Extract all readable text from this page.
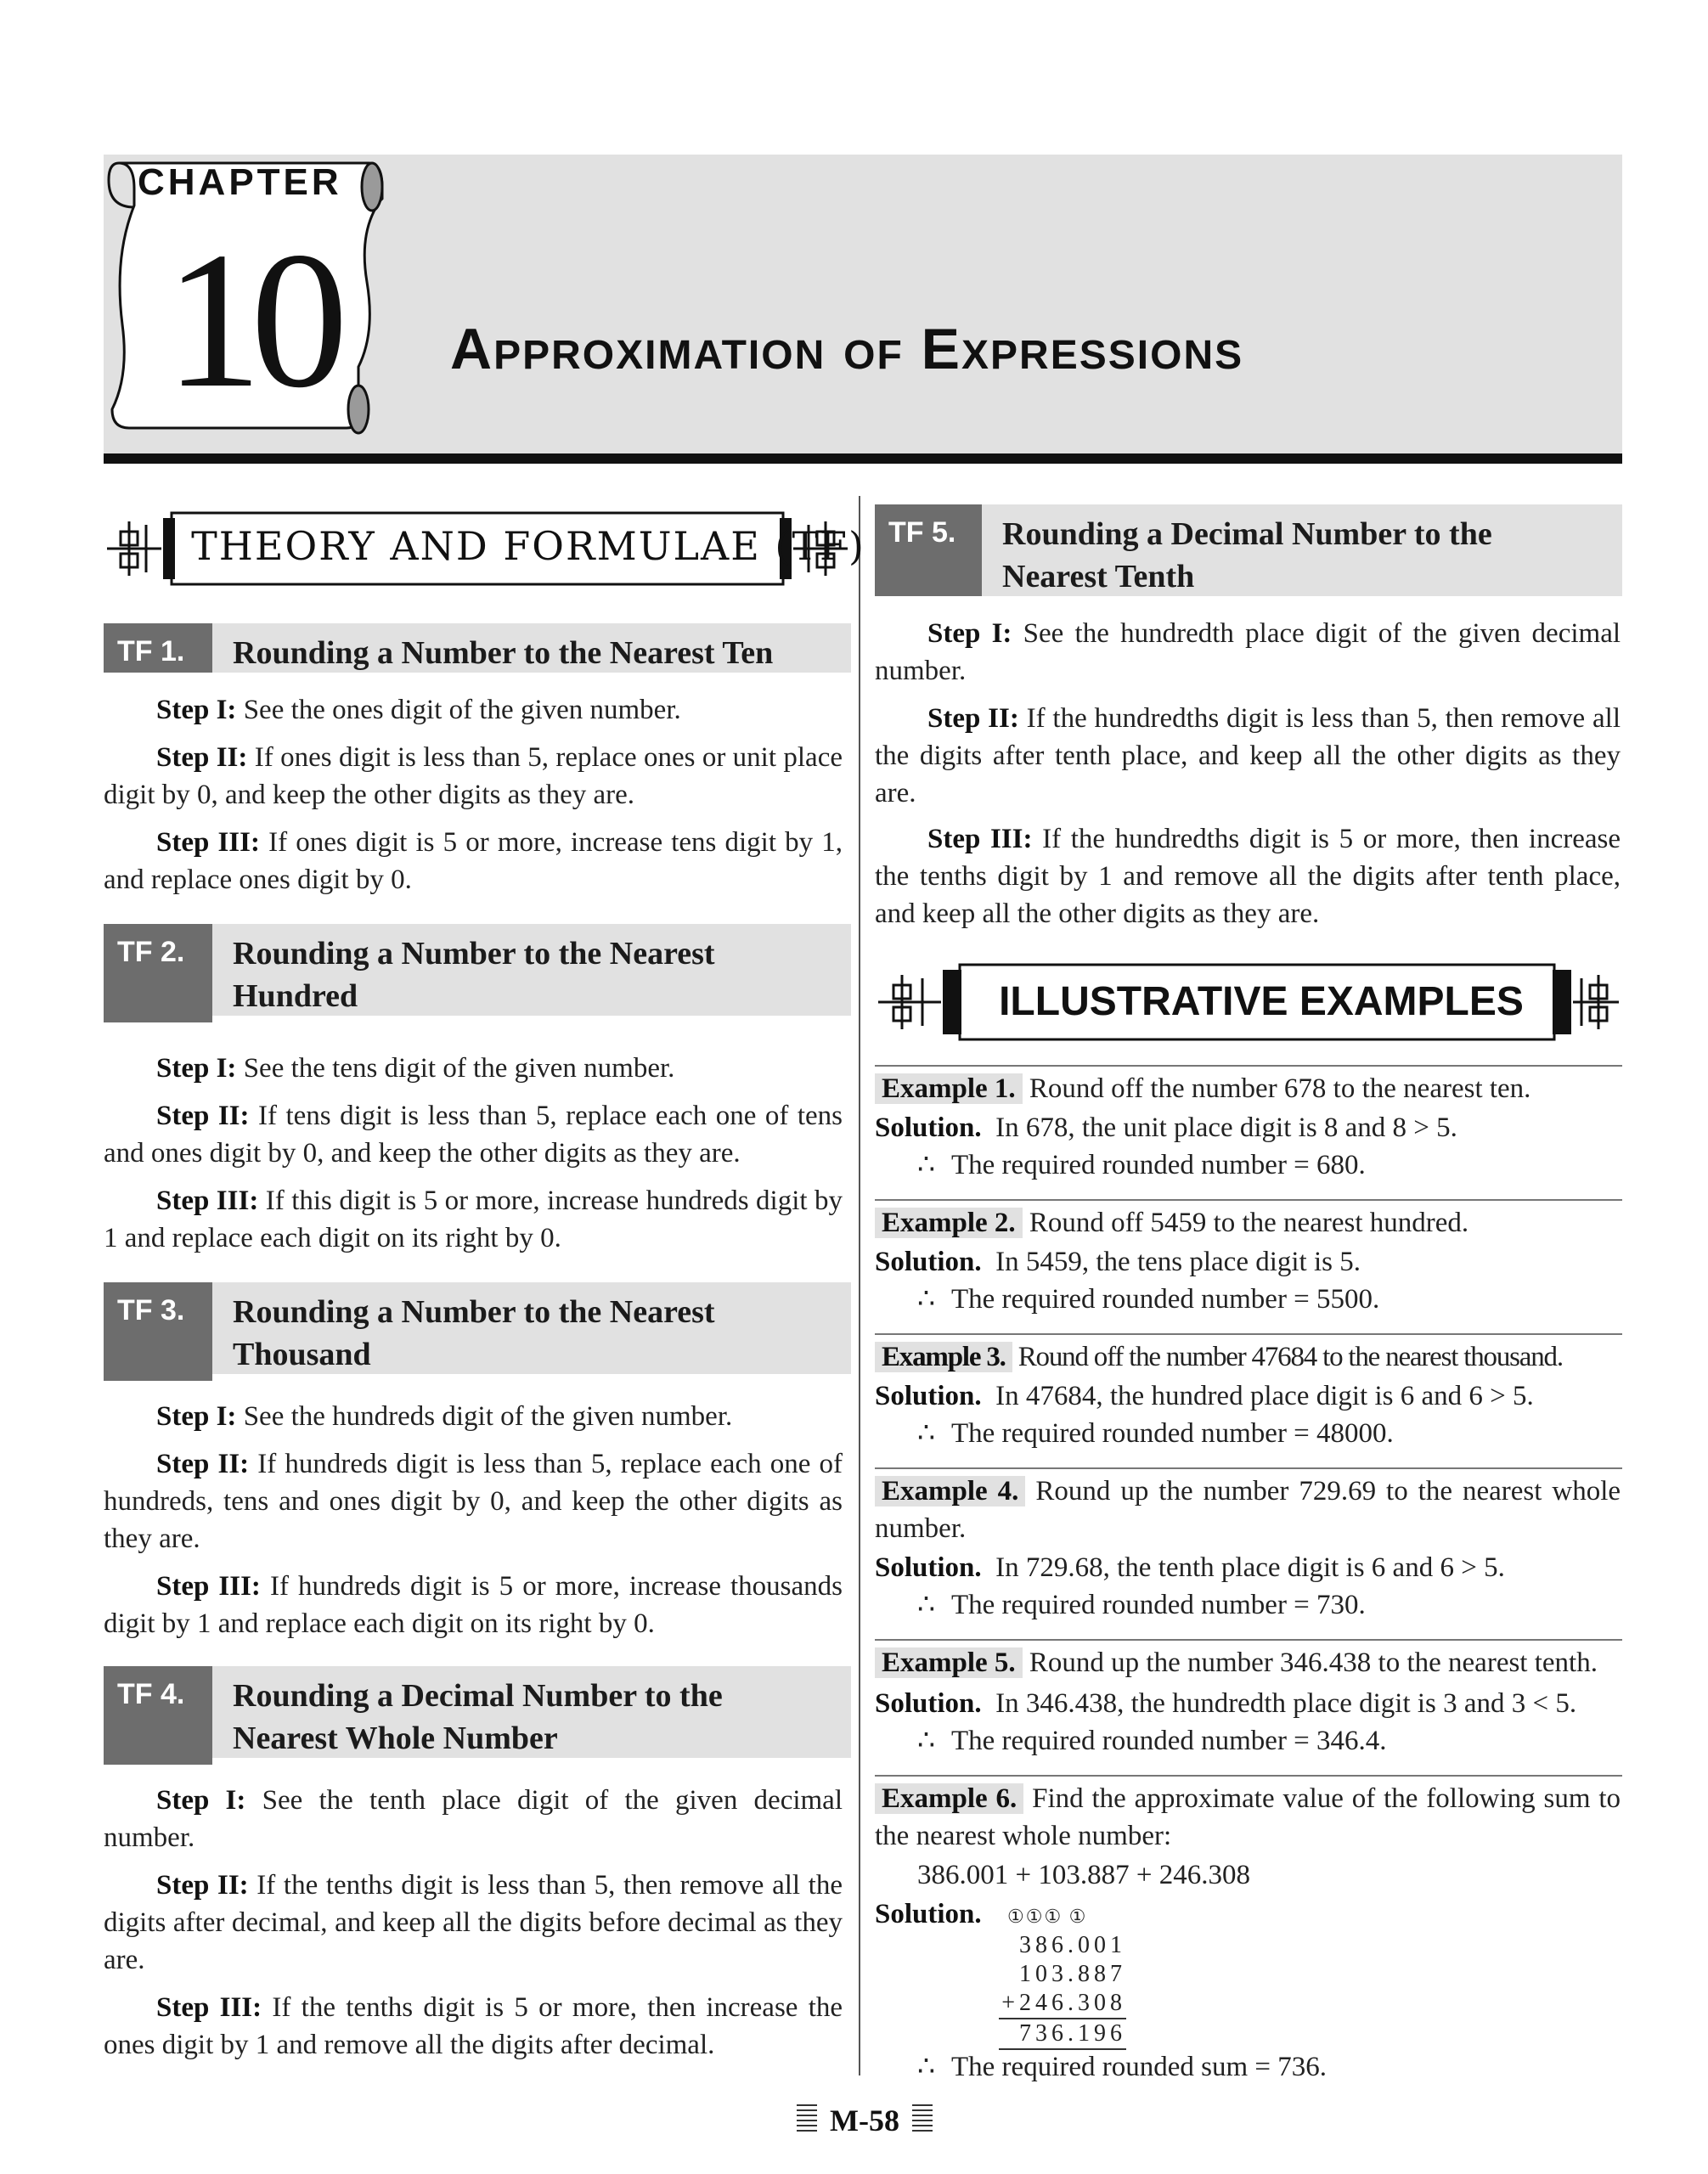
CHAPTER
10	Approximation of Expressions
THEORY AND FORMULAE (TF)
TF 1.	Rounding a Number to the Nearest Ten

Step I: See the ones digit of the given number.

Step II: If ones digit is less than 5, replace ones or unit place digit by 0, and keep the other digits as they are.

Step III: If ones digit is 5 or more, increase tens digit by 1, and replace ones digit by 0.

TF 2.	Rounding a Number to the Nearest
Hundred

Step I: See the tens digit of the given number.

Step II: If tens digit is less than 5, replace each one of tens and ones digit by 0, and keep the other digits as they are.

Step III: If this digit is 5 or more, increase hundreds digit by 1 and replace each digit on its right by 0.

TF 3.	Rounding a Number to the Nearest
Thousand

Step I: See the hundreds digit of the given number.

Step II: If hundreds digit is less than 5, replace each one of hundreds, tens and ones digit by 0, and keep the other digits as they are.

Step III: If hundreds digit is 5 or more, increase thousands digit by 1 and replace each digit on its right by 0.

TF 4.	Rounding a Decimal Number to the
Nearest Whole Number

Step I: See the tenth place digit of the given decimal number.

Step II: If the tenths digit is less than 5, then remove all the digits after decimal, and keep all the digits before decimal as they are.

Step III: If the tenths digit is 5 or more, then increase the ones digit by 1 and remove all the digits after decimal.

TF 5.	Rounding a Decimal Number to the
Nearest Tenth

Step I: See the hundredth place digit of the given decimal number.

Step II: If the hundredths digit is less than 5, then remove all the digits after tenth place, and keep all the other digits as they are.

Step III: If the hundredths digit is 5 or more, then increase the tenths digit by 1 and remove all the digits after tenth place, and keep all the other digits as they are.

ILLUSTRATIVE EXAMPLES
Example 1. Round off the number 678 to the nearest ten.
Solution. In 678, the unit place digit is 8 and 8 > 5.
∴ The required rounded number = 680.
Example 2. Round off 5459 to the nearest hundred.
Solution. In 5459, the tens place digit is 5.
∴ The required rounded number = 5500.
Example 3. Round off the number 47684 to the nearest thousand.
Solution. In 47684, the hundred place digit is 6 and 6 > 5.
∴ The required rounded number = 48000.

Example 4. Round up the number 729.69 to the nearest whole number.

Solution. In 729.68, the tenth place digit is 6 and 6 > 5.
∴ The required rounded number = 730.
Example 5. Round up the number 346.438 to the nearest tenth.
Solution. In 346.438, the hundredth place digit is 3 and 3 < 5.
∴ The required rounded number = 346.4.

Example 6. Find the approximate value of the following sum to the nearest whole number:

386.001 + 103.887 + 246.308
Solution.	①①① ①
386.001
103.887
+246.308
736.196
∴ The required rounded sum = 736.
M-58
